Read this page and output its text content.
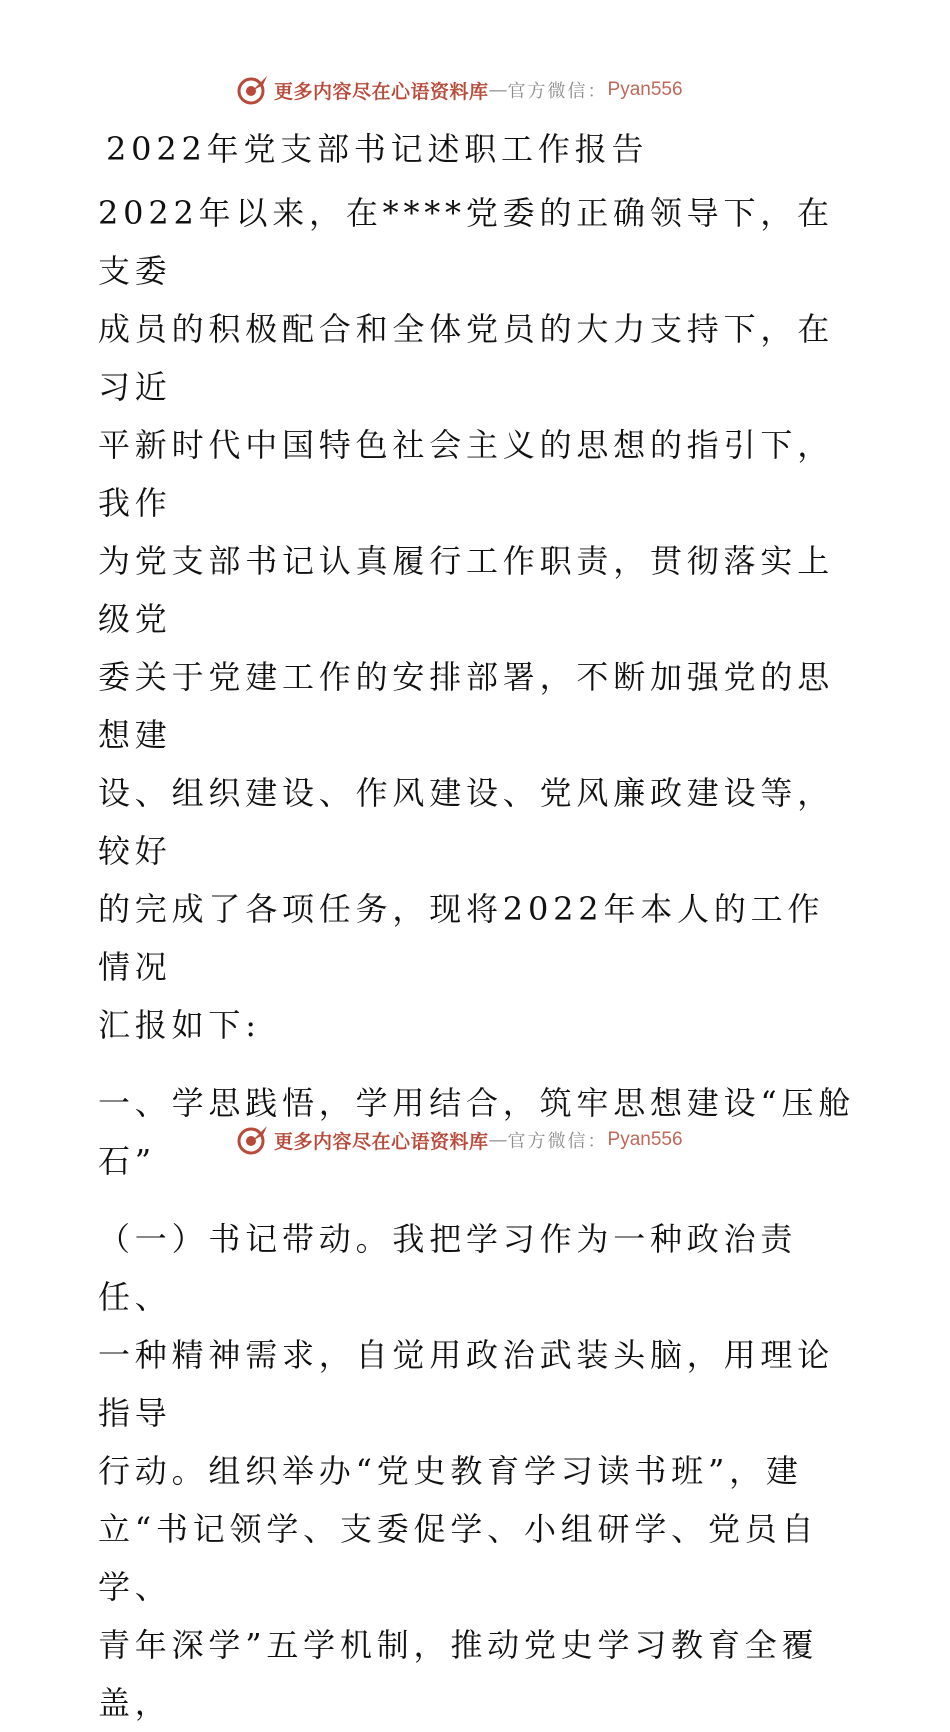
更多内容尽在心语资料库 — 官方微信： Pyan556

2022年党支部书记述职工作报告

2022年以来，在****党委的正确领导下，在支委
成员的积极配合和全体党员的大力支持下，在习近
平新时代中国特色社会主义的思想的指引下，我作
为党支部书记认真履行工作职责，贯彻落实上级党
委关于党建工作的安排部署，不断加强党的思想建
设、组织建设、作风建设、党风廉政建设等，较好
的完成了各项任务，现将2022年本人的工作情况
汇报如下:

一、学思践悟，学用结合，筑牢思想建设“压舱
石”

（一）书记带动。我把学习作为一种政治责任、
一种精神需求，自觉用政治武装头脑，用理论指导
行动。组织举办“党史教育学习读书班”，建
立“书记领学、支委促学、小组研学、党员自学、
青年深学”五学机制，推动党史学习教育全覆盖，

更多内容尽在心语资料库 — 官方微信： Pyan556
